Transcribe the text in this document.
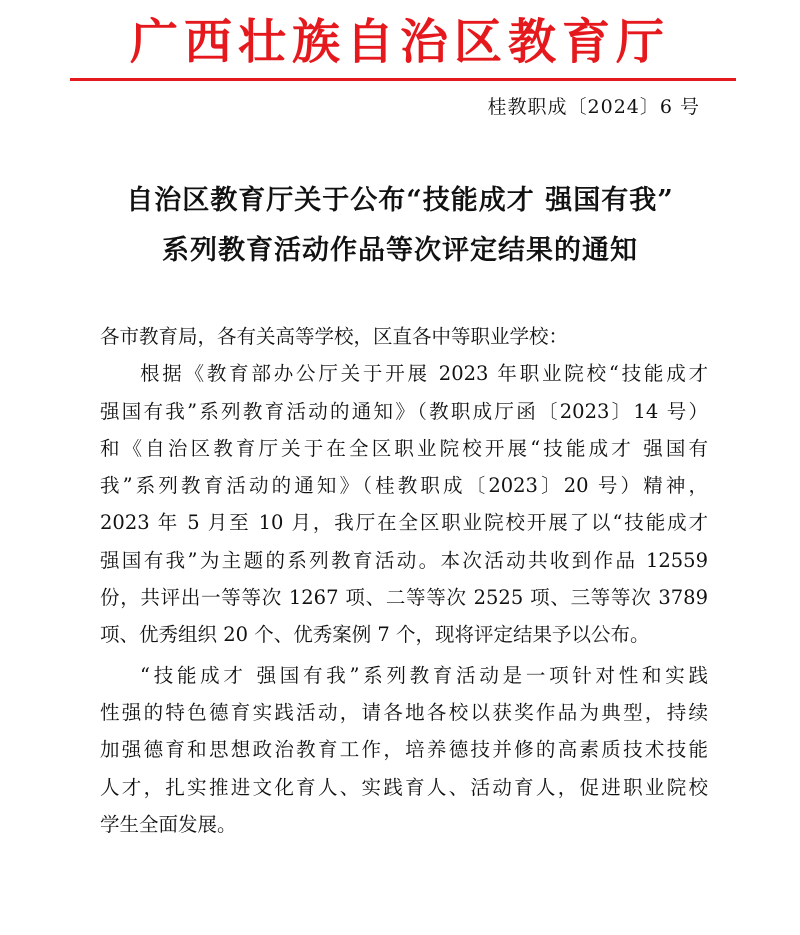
广西壮族自治区教育厅
桂教职成〔2024〕6 号
自治区教育厅关于公布“技能成才 强国有我”
系列教育活动作品等次评定结果的通知
各市教育局，各有关高等学校，区直各中等职业学校：
根据《教育部办公厅关于开展 2023 年职业院校“技能成才
强国有我”系列教育活动的通知》（教职成厅函〔2023〕14 号）
和《自治区教育厅关于在全区职业院校开展“技能成才 强国有
我”系列教育活动的通知》（桂教职成〔2023〕20 号）精神，
2023 年 5 月至 10 月，我厅在全区职业院校开展了以“技能成才
强国有我”为主题的系列教育活动。本次活动共收到作品 12559
份，共评出一等等次 1267 项、二等等次 2525 项、三等等次 3789
项、优秀组织 20 个、优秀案例 7 个，现将评定结果予以公布。
“技能成才 强国有我”系列教育活动是一项针对性和实践
性强的特色德育实践活动，请各地各校以获奖作品为典型，持续
加强德育和思想政治教育工作，培养德技并修的高素质技术技能
人才，扎实推进文化育人、实践育人、活动育人，促进职业院校
学生全面发展。
